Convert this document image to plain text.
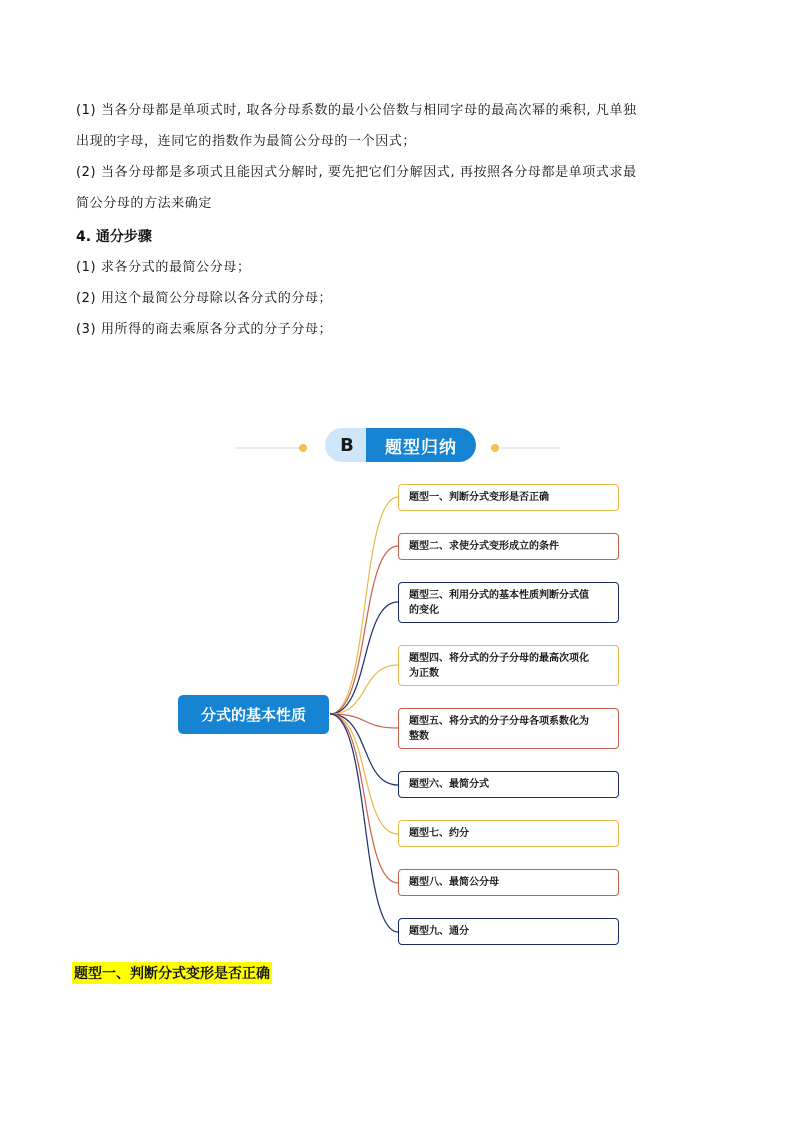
(1) 当各分母都是单项式时, 取各分母系数的最小公倍数与相同字母的最高次幂的乘积, 凡单独

出现的字母，连同它的指数作为最简公分母的一个因式；

(2) 当各分母都是多项式且能因式分解时, 要先把它们分解因式, 再按照各分母都是单项式求最

简公分母的方法来确定

4. 通分步骤

(1) 求各分式的最简公分母；

(2) 用这个最简公分母除以各分式的分母；

(3) 用所得的商去乘原各分式的分子分母；

B	题型归纳
分式的基本性质
题型一、判断分式变形是否正确
题型二、求使分式变形成立的条件
题型三、利用分式的基本性质判断分式值
的变化
题型四、将分式的分子分母的最高次项化
为正数
题型五、将分式的分子分母各项系数化为
整数
题型六、最简分式
题型七、约分
题型八、最简公分母
题型九、通分

题型一、判断分式变形是否正确
